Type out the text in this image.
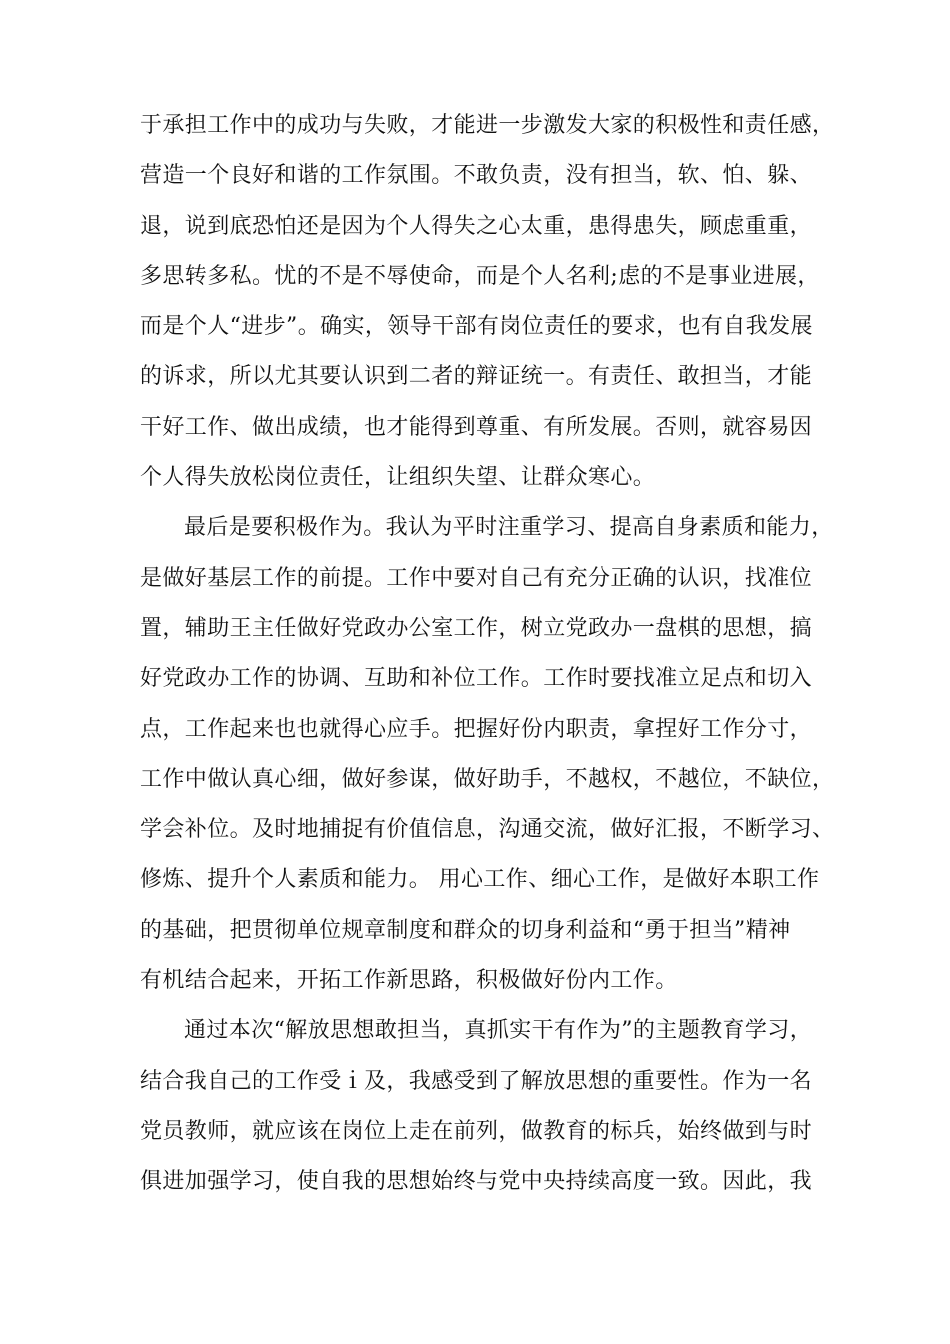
于承担工作中的成功与失败，才能进一步激发大家的积极性和责任感，
营造一个良好和谐的工作氛围。不敢负责，没有担当，软、怕、躲、
退，说到底恐怕还是因为个人得失之心太重，患得患失，顾虑重重，
多思转多私。忧的不是不辱使命，而是个人名利;虑的不是事业进展，
而是个人“进步”。确实，领导干部有岗位责任的要求，也有自我发展
的诉求，所以尤其要认识到二者的辩证统一。有责任、敢担当，才能
干好工作、做出成绩，也才能得到尊重、有所发展。否则，就容易因
个人得失放松岗位责任，让组织失望、让群众寒心。
最后是要积极作为。我认为平时注重学习、提高自身素质和能力，
是做好基层工作的前提。工作中要对自己有充分正确的认识，找准位
置，辅助王主任做好党政办公室工作，树立党政办一盘棋的思想，搞
好党政办工作的协调、互助和补位工作。工作时要找准立足点和切入
点，工作起来也也就得心应手。把握好份内职责，拿捏好工作分寸，
工作中做认真心细，做好参谋，做好助手，不越权，不越位，不缺位，
学会补位。及时地捕捉有价值信息，沟通交流，做好汇报，不断学习、
修炼、提升个人素质和能力。 用心工作、细心工作，是做好本职工作
的基础，把贯彻单位规章制度和群众的切身利益和“勇于担当”精神
有机结合起来，开拓工作新思路，积极做好份内工作。
通过本次“解放思想敢担当，真抓实干有作为”的主题教育学习，
结合我自己的工作受ｉ及，我感受到了解放思想的重要性。作为一名
党员教师，就应该在岗位上走在前列，做教育的标兵，始终做到与时
俱进加强学习，使自我的思想始终与党中央持续高度一致。因此，我
